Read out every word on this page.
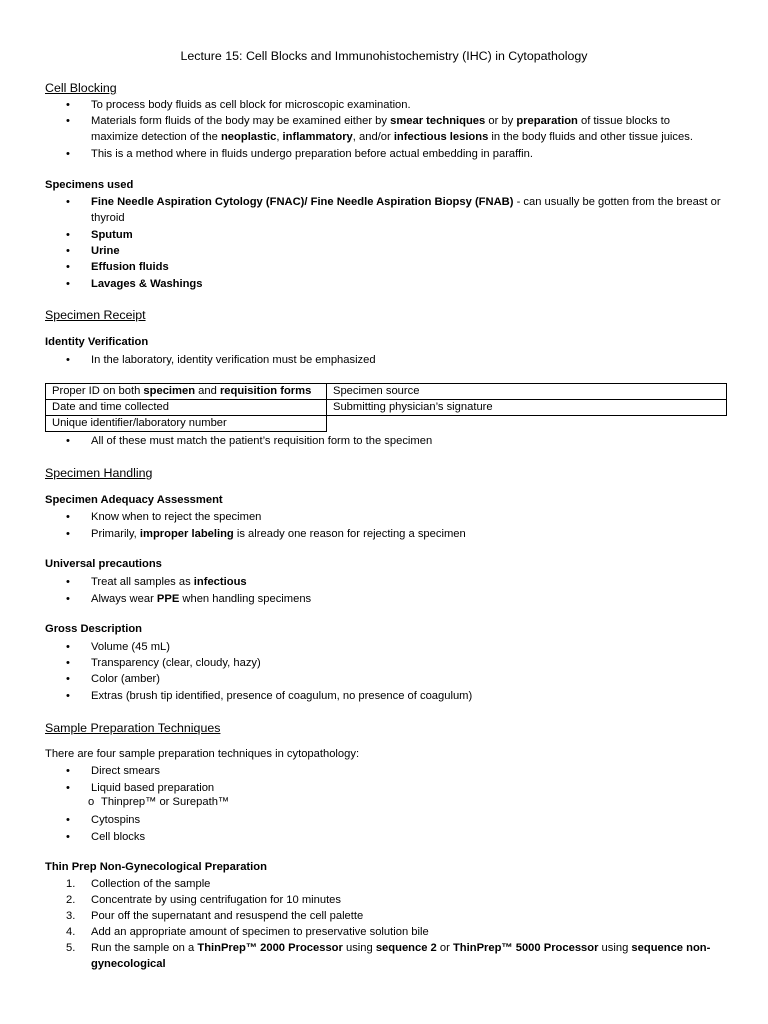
Lecture 15: Cell Blocks and Immunohistochemistry (IHC) in Cytopathology
Cell Blocking
•	To process body fluids as cell block for microscopic examination.
•	Materials form fluids of the body may be examined either by smear techniques or by preparation of tissue blocks to
maximize detection of the neoplastic, inflammatory, and/or infectious lesions in the body fluids and other tissue juices.
•	This is a method where in fluids undergo preparation before actual embedding in paraffin.
Specimens used
•	Fine Needle Aspiration Cytology (FNAC)/ Fine Needle Aspiration Biopsy (FNAB) - can usually be gotten from the breast or
thyroid
•	Sputum
•	Urine
•	Effusion fluids
•	Lavages & Washings
Specimen Receipt
Identity Verification
•	In the laboratory, identity verification must be emphasized
Proper ID on both specimen and requisition forms	Specimen source
Date and time collected	Submitting physician’s signature
Unique identifier/laboratory number	
•	All of these must match the patient’s requisition form to the specimen
Specimen Handling
Specimen Adequacy Assessment
•	Know when to reject the specimen
•	Primarily, improper labeling is already one reason for rejecting a specimen
Universal precautions
•	Treat all samples as infectious
•	Always wear PPE when handling specimens
Gross Description
•	Volume (45 mL)
•	Transparency (clear, cloudy, hazy)
•	Color (amber)
•	Extras (brush tip identified, presence of coagulum, no presence of coagulum)
Sample Preparation Techniques
There are four sample preparation techniques in cytopathology:
•	Direct smears
•	Liquid based preparation
o Thinprep™ or Surepath™
•	Cytospins
•	Cell blocks
Thin Prep Non-Gynecological Preparation
1. Collection of the sample
2. Concentrate by using centrifugation for 10 minutes
3. Pour off the supernatant and resuspend the cell palette
4. Add an appropriate amount of specimen to preservative solution bile
5. Run the sample on a ThinPrep™ 2000 Processor using sequence 2 or ThinPrep™ 5000 Processor using sequence non-
gynecological
